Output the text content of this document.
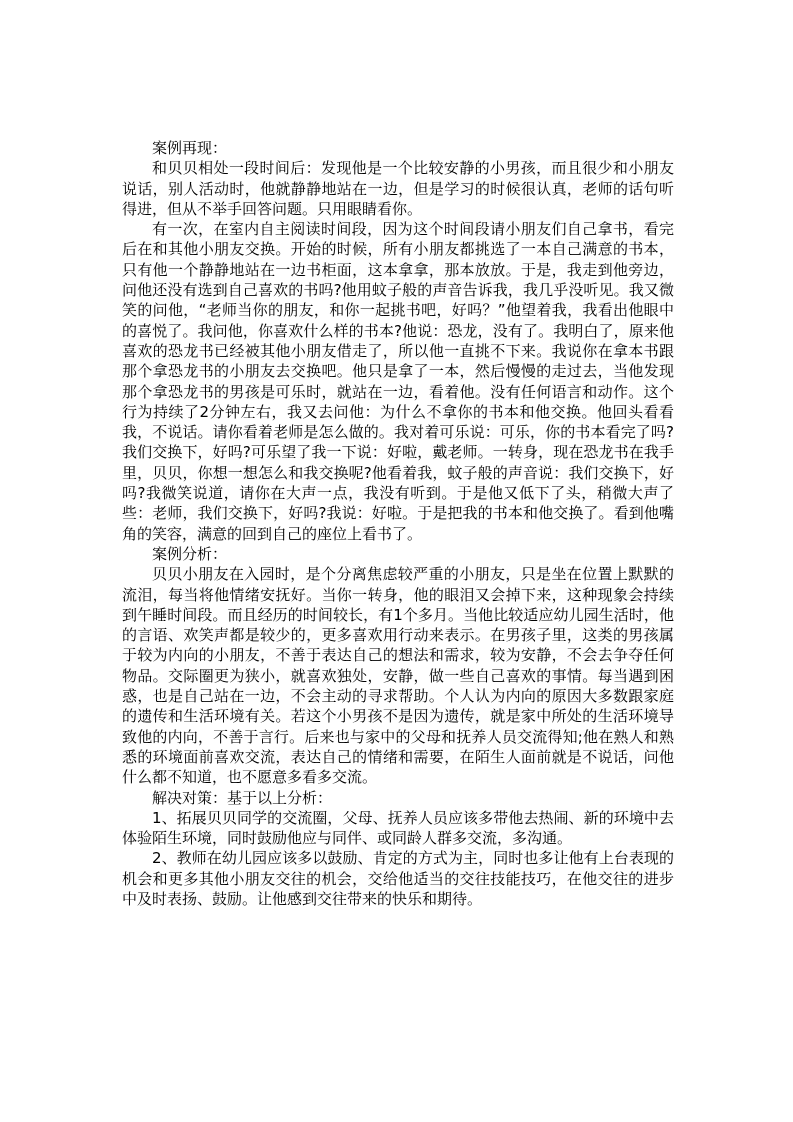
案例再现：

和贝贝相处一段时间后：发现他是一个比较安静的小男孩，而且很少和小朋友说话，别人活动时，他就静静地站在一边，但是学习的时候很认真，老师的话句听得进，但从不举手回答问题。只用眼睛看你。

有一次，在室内自主阅读时间段，因为这个时间段请小朋友们自己拿书，看完后在和其他小朋友交换。开始的时候，所有小朋友都挑选了一本自己满意的书本，只有他一个静静地站在一边书柜面，这本拿拿，那本放放。于是，我走到他旁边，问他还没有选到自己喜欢的书吗?他用蚊子般的声音告诉我，我几乎没听见。我又微笑的问他，“老师当你的朋友，和你一起挑书吧，好吗？”他望着我，我看出他眼中的喜悦了。我问他，你喜欢什么样的书本?他说：恐龙，没有了。我明白了，原来他喜欢的恐龙书已经被其他小朋友借走了，所以他一直挑不下来。我说你在拿本书跟那个拿恐龙书的小朋友去交换吧。他只是拿了一本，然后慢慢的走过去，当他发现那个拿恐龙书的男孩是可乐时，就站在一边，看着他。没有任何语言和动作。这个行为持续了2分钟左右，我又去问他：为什么不拿你的书本和他交换。他回头看看我，不说话。请你看着老师是怎么做的。我对着可乐说：可乐，你的书本看完了吗?我们交换下，好吗?可乐望了我一下说：好啦，戴老师。一转身，现在恐龙书在我手里，贝贝，你想一想怎么和我交换呢?他看着我，蚊子般的声音说：我们交换下，好吗?我微笑说道，请你在大声一点，我没有听到。于是他又低下了头，稍微大声了些：老师，我们交换下，好吗?我说：好啦。于是把我的书本和他交换了。看到他嘴角的笑容，满意的回到自己的座位上看书了。

案例分析：

贝贝小朋友在入园时，是个分离焦虑较严重的小朋友，只是坐在位置上默默的流泪，每当将他情绪安抚好。当你一转身，他的眼泪又会掉下来，这种现象会持续到午睡时间段。而且经历的时间较长，有1个多月。当他比较适应幼儿园生活时，他的言语、欢笑声都是较少的，更多喜欢用行动来表示。在男孩子里，这类的男孩属于较为内向的小朋友，不善于表达自己的想法和需求，较为安静，不会去争夺任何物品。交际圈更为狭小，就喜欢独处，安静，做一些自己喜欢的事情。每当遇到困惑，也是自己站在一边，不会主动的寻求帮助。个人认为内向的原因大多数跟家庭的遗传和生活环境有关。若这个小男孩不是因为遗传，就是家中所处的生活环境导致他的内向，不善于言行。后来也与家中的父母和抚养人员交流得知;他在熟人和熟悉的环境面前喜欢交流，表达自己的情绪和需要，在陌生人面前就是不说话，问他什么都不知道，也不愿意多看多交流。

解决对策：基于以上分析：

1、拓展贝贝同学的交流圈，父母、抚养人员应该多带他去热闹、新的环境中去体验陌生环境，同时鼓励他应与同伴、或同龄人群多交流，多沟通。

2、教师在幼儿园应该多以鼓励、肯定的方式为主，同时也多让他有上台表现的机会和更多其他小朋友交往的机会，交给他适当的交往技能技巧，在他交往的进步中及时表扬、鼓励。让他感到交往带来的快乐和期待。
